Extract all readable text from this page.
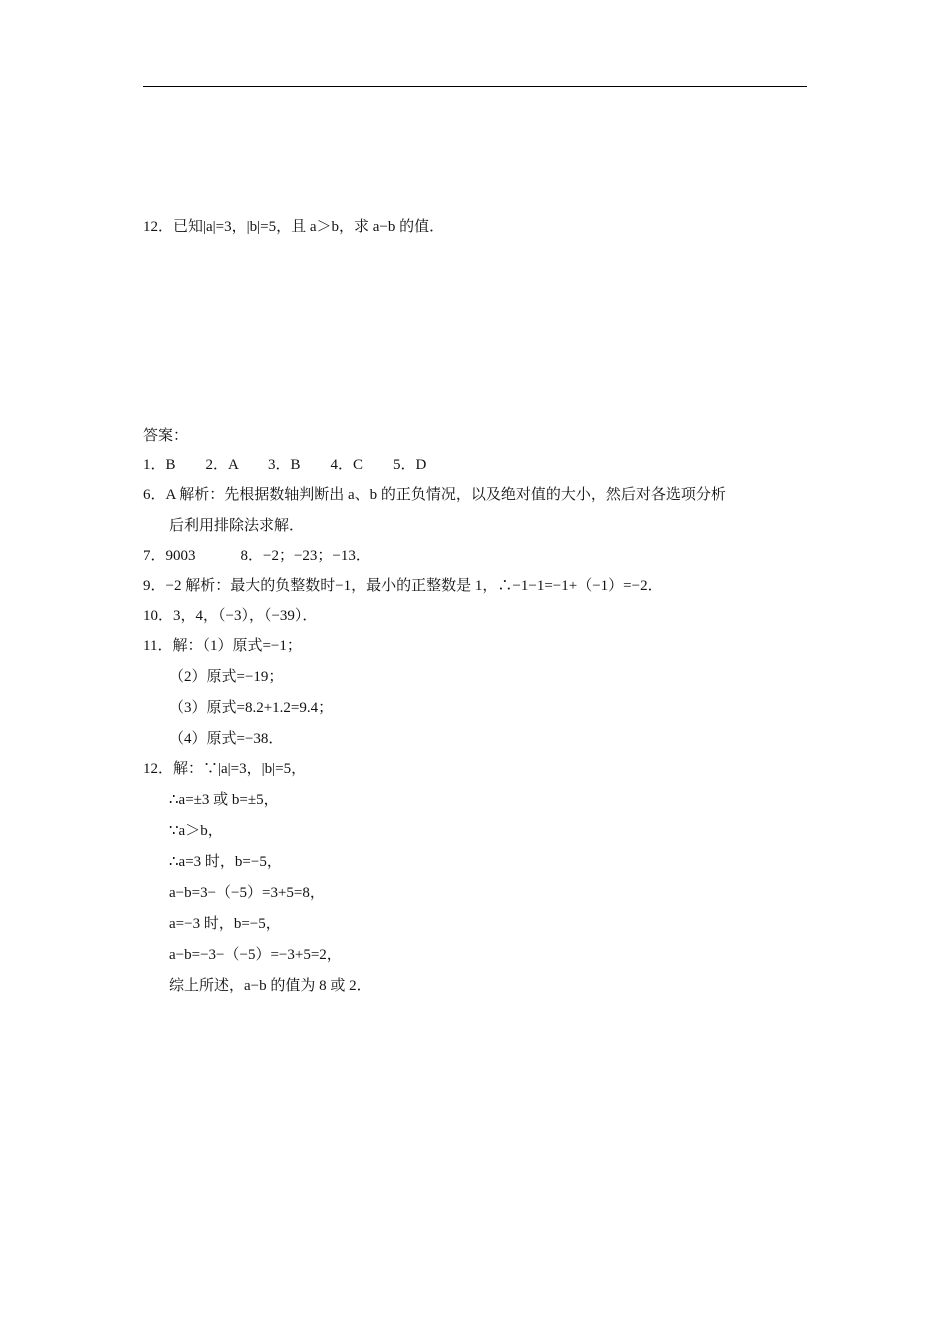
12．已知|a|=3，|b|=5，且 a＞b，求 a−b 的值．
答案：
1．B　　2．A　　3．B　　4．C　　5．D
6．A 解析：先根据数轴判断出 a、b 的正负情况，以及绝对值的大小，然后对各选项分析
后利用排除法求解．
7．9003　　　8．−2；−23；−13．
9．−2 解析：最大的负整数时−1，最小的正整数是 1，∴−1−1=−1+（−1）=−2．
10．3，4，（−3），（−39）．
11．解：（1）原式=−1；
（2）原式=−19；
（3）原式=8.2+1.2=9.4；
（4）原式=−38．
12．解：∵|a|=3，|b|=5，
∴a=±3 或 b=±5，
∵a＞b，
∴a=3 时，b=−5，
a−b=3−（−5）=3+5=8，
a=−3 时，b=−5，
a−b=−3−（−5）=−3+5=2，
综上所述，a−b 的值为 8 或 2．
